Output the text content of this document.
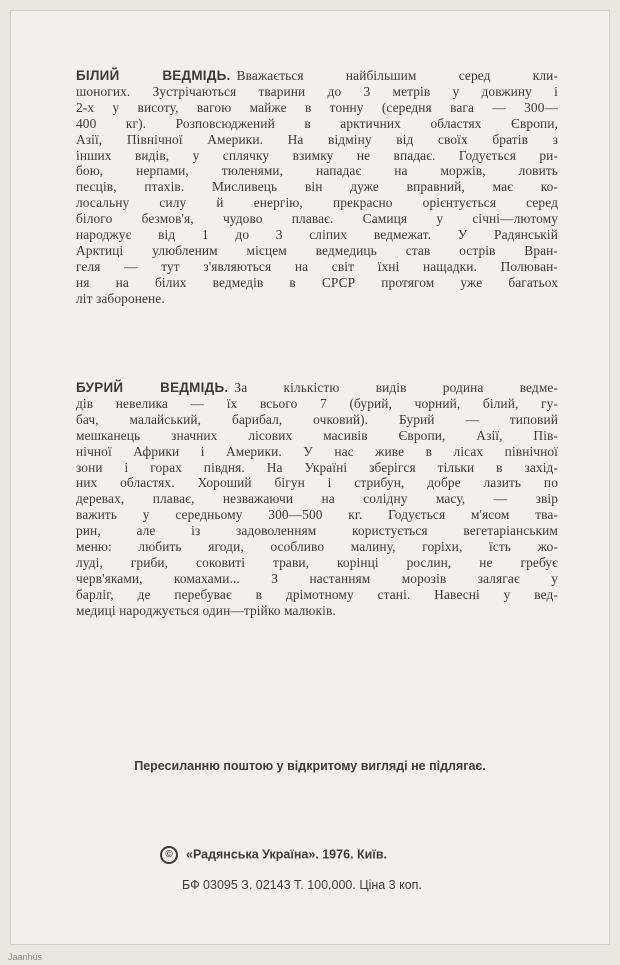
БІЛИЙ ВЕДМІДЬ. Вважається найбільшим серед кли-
шоногих. Зустрічаються тварини до 3 метрів у довжину і
2-х у висоту, вагою майже в тонну (середня вага — 300—
400 кг). Розповсюджений в арктичних областях Європи,
Азії, Північної Америки. На відміну від своїх братів з
інших видів, у сплячку взимку не впадає. Годується ри-
бою, нерпами, тюленями, нападає на моржів, ловить
песців, птахів. Мисливець він дуже вправний, має ко-
лосальну силу й енергію, прекрасно орієнтується серед
білого безмов'я, чудово плаває. Самиця у січні—лютому
народжує від 1 до 3 сліпих ведмежат. У Радянській
Арктиці улюбленим місцем ведмедиць став острів Вран-
геля — тут з'являються на світ їхні нащадки. Полюван-
ня на білих ведмедів в СРСР протягом уже багатьох
літ заборонене.
БУРИЙ ВЕДМІДЬ. За кількістю видів родина ведме-
дів невелика — їх всього 7 (бурий, чорний, білий, гу-
бач, малайський, барибал, очковий). Бурий — типовий
мешканець значних лісових масивів Європи, Азії, Пів-
нічної Африки і Америки. У нас живе в лісах північної
зони і горах півдня. На Україні зберігся тільки в захід-
них областях. Хороший бігун і стрибун, добре лазить по
деревах, плаває, незважаючи на солідну масу, — звір
важить у середньому 300—500 кг. Годується м'ясом тва-
рин, але із задоволенням користується вегетаріанським
меню: любить ягоди, особливо малину, горіхи, їсть жо-
луді, гриби, соковиті трави, корінці рослин, не гребує
черв'яками, комахами... З настанням морозів залягає у
барліг, де перебуває в дрімотному стані. Навесні у вед-
медиці народжується один—трійко малюків.
Пересиланню поштою у відкритому вигляді не підлягає.
© «Радянська Україна». 1976. Київ.
БФ 03095 З. 02143 Т. 100.000. Ціна 3 коп.
Jaanhus
